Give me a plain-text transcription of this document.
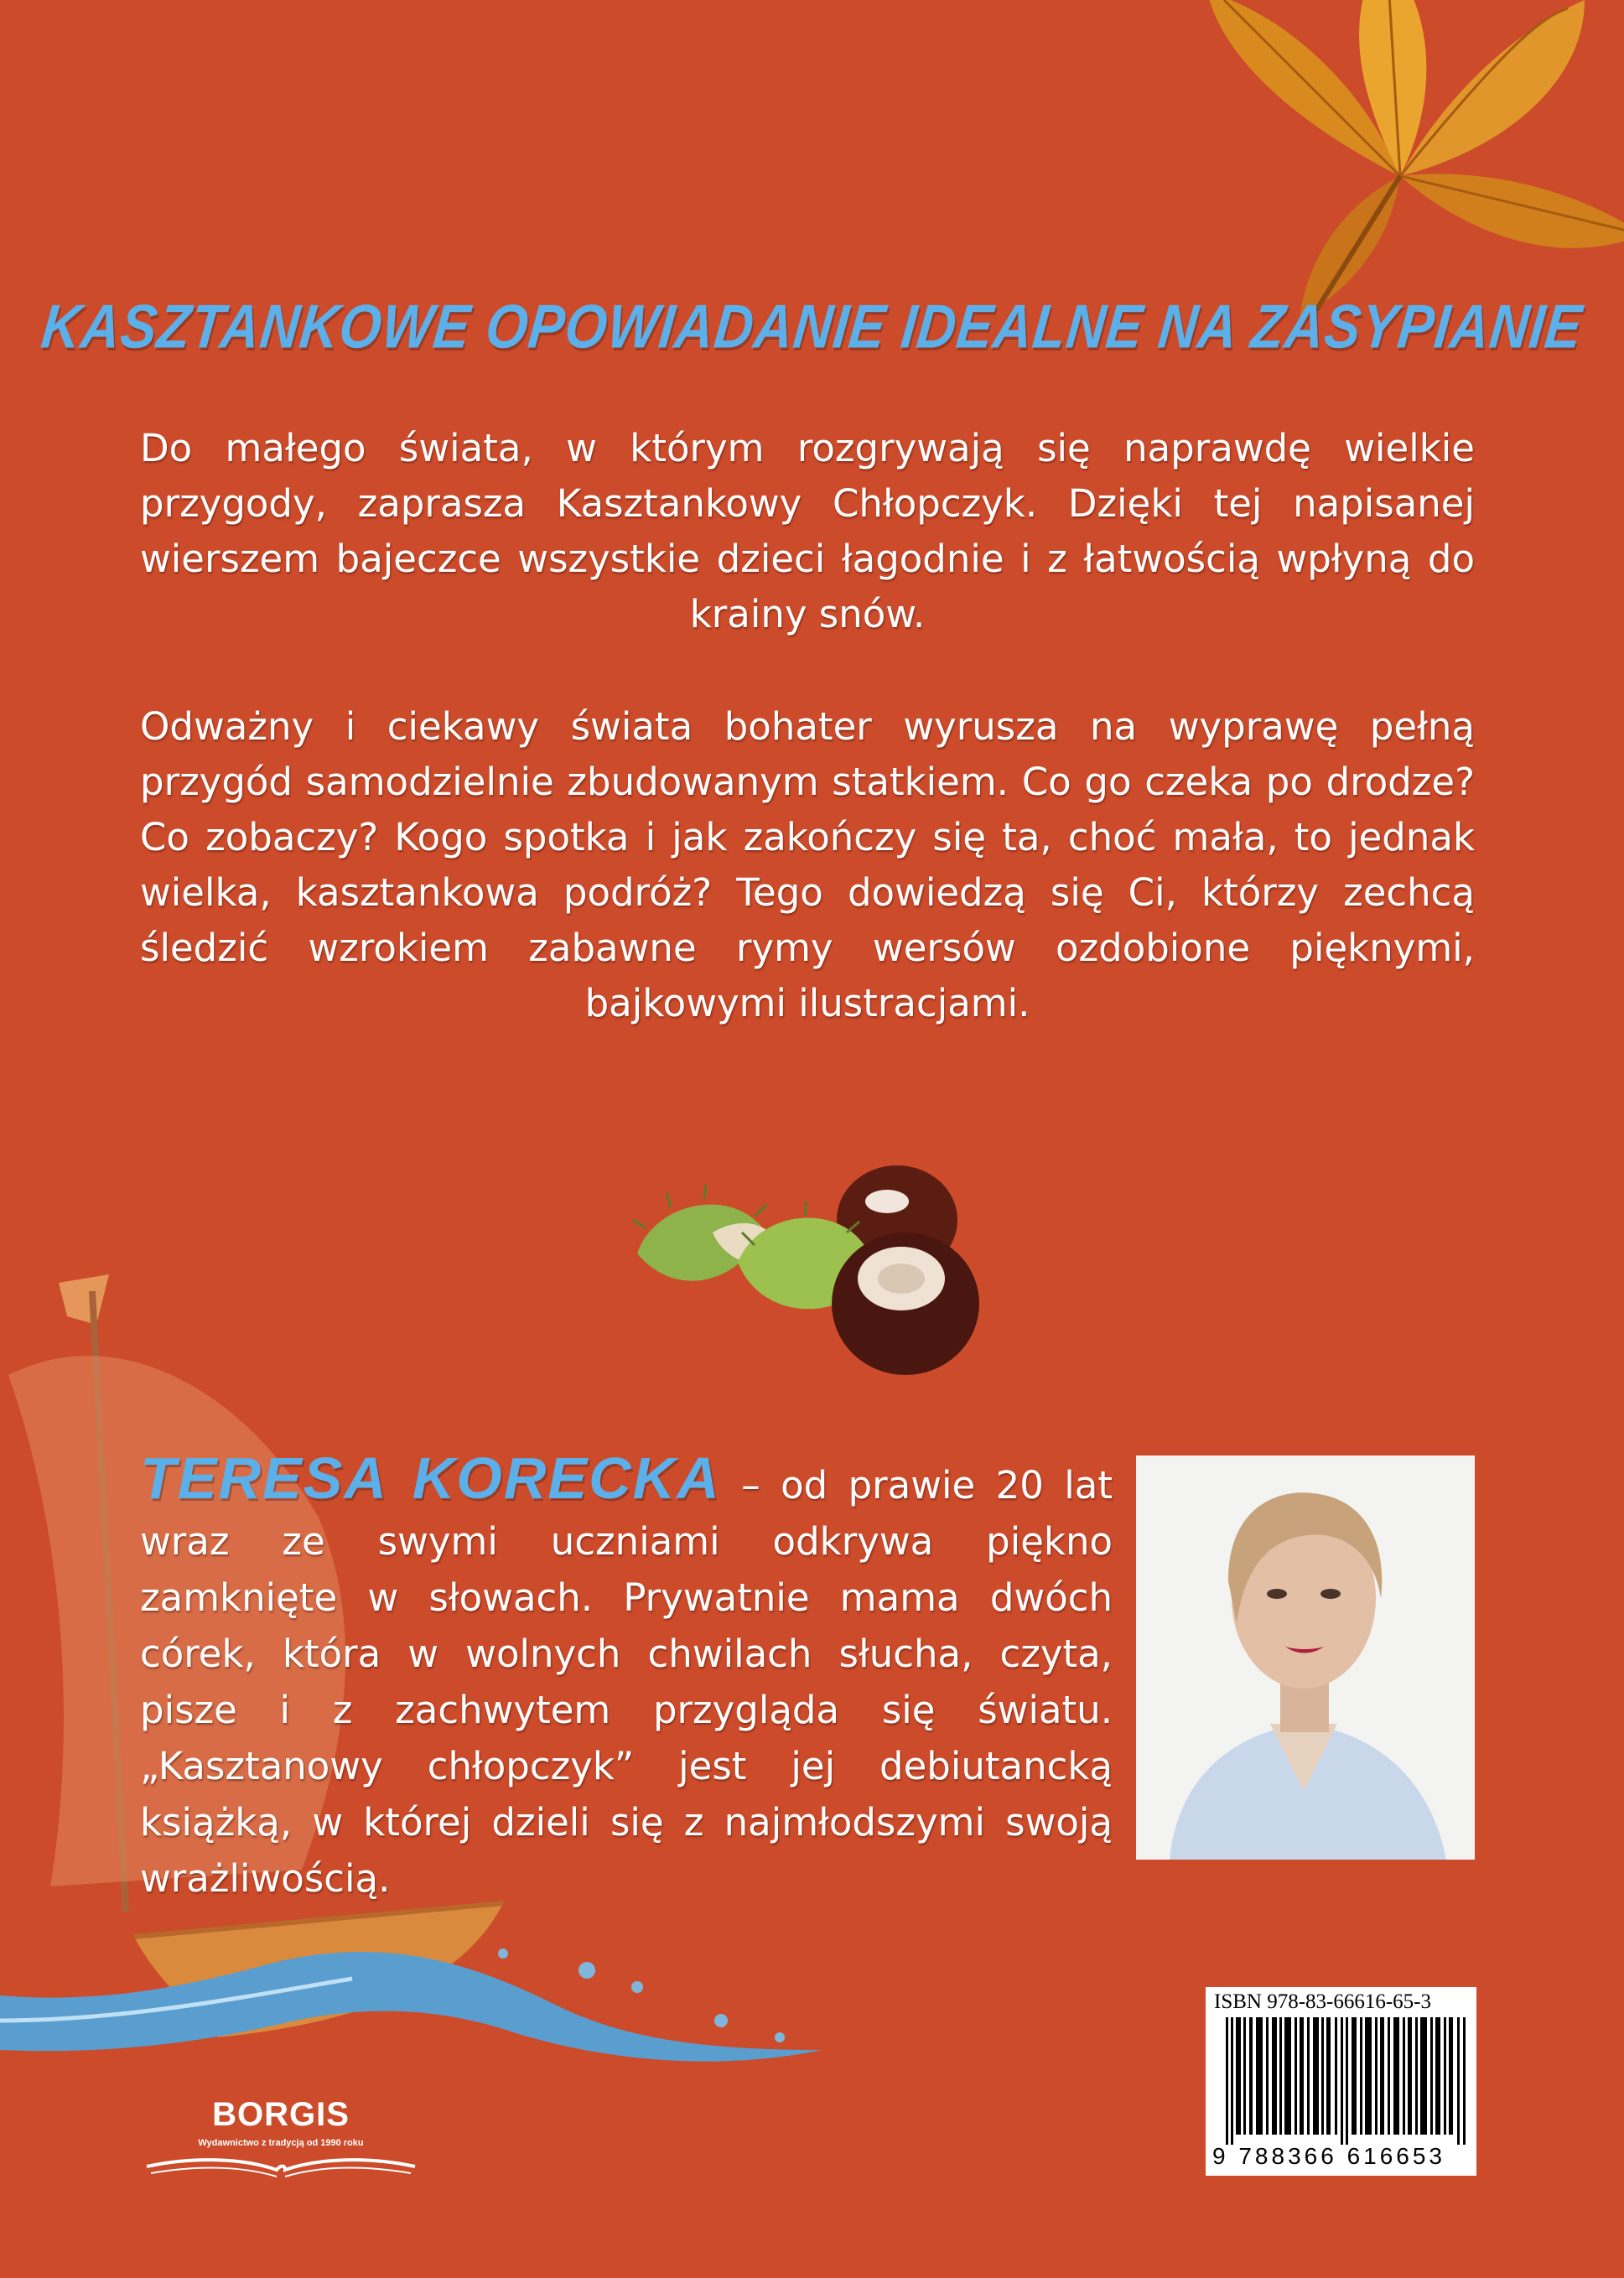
KASZTANKOWE OPOWIADANIE IDEALNE NA ZASYPIANIE
Do małego świata, w którym rozgrywają się naprawdę wielkie przygody, zaprasza Kasztankowy Chłopczyk. Dzięki tej napisanej wierszem bajeczce wszystkie dzieci łagodnie i z łatwością wpłyną do krainy snów.
Odważny i ciekawy świata bohater wyrusza na wyprawę pełną przygód samodzielnie zbudowanym statkiem. Co go czeka po drodze? Co zobaczy? Kogo spotka i jak zakończy się ta, choć mała, to jednak wielka, kasztankowa podróż? Tego dowiedzą się Ci, którzy zechcą śledzić wzrokiem zabawne rymy wersów ozdobione pięknymi, bajkowymi ilustracjami.
TERESA KORECKA – od prawie 20 lat wraz ze swymi uczniami odkrywa piękno zamknięte w słowach. Prywatnie mama dwóch córek, która w wolnych chwilach słucha, czyta, pisze i z zachwytem przygląda się światu. „Kasztanowy chłopczyk” jest jej debiutancką książką, w której dzieli się z najmłodszymi swoją wrażliwością.
ISBN 978-83-66616-65-3
9 788366 616653
BORGIS
Wydawnictwo z tradycją od 1990 roku
